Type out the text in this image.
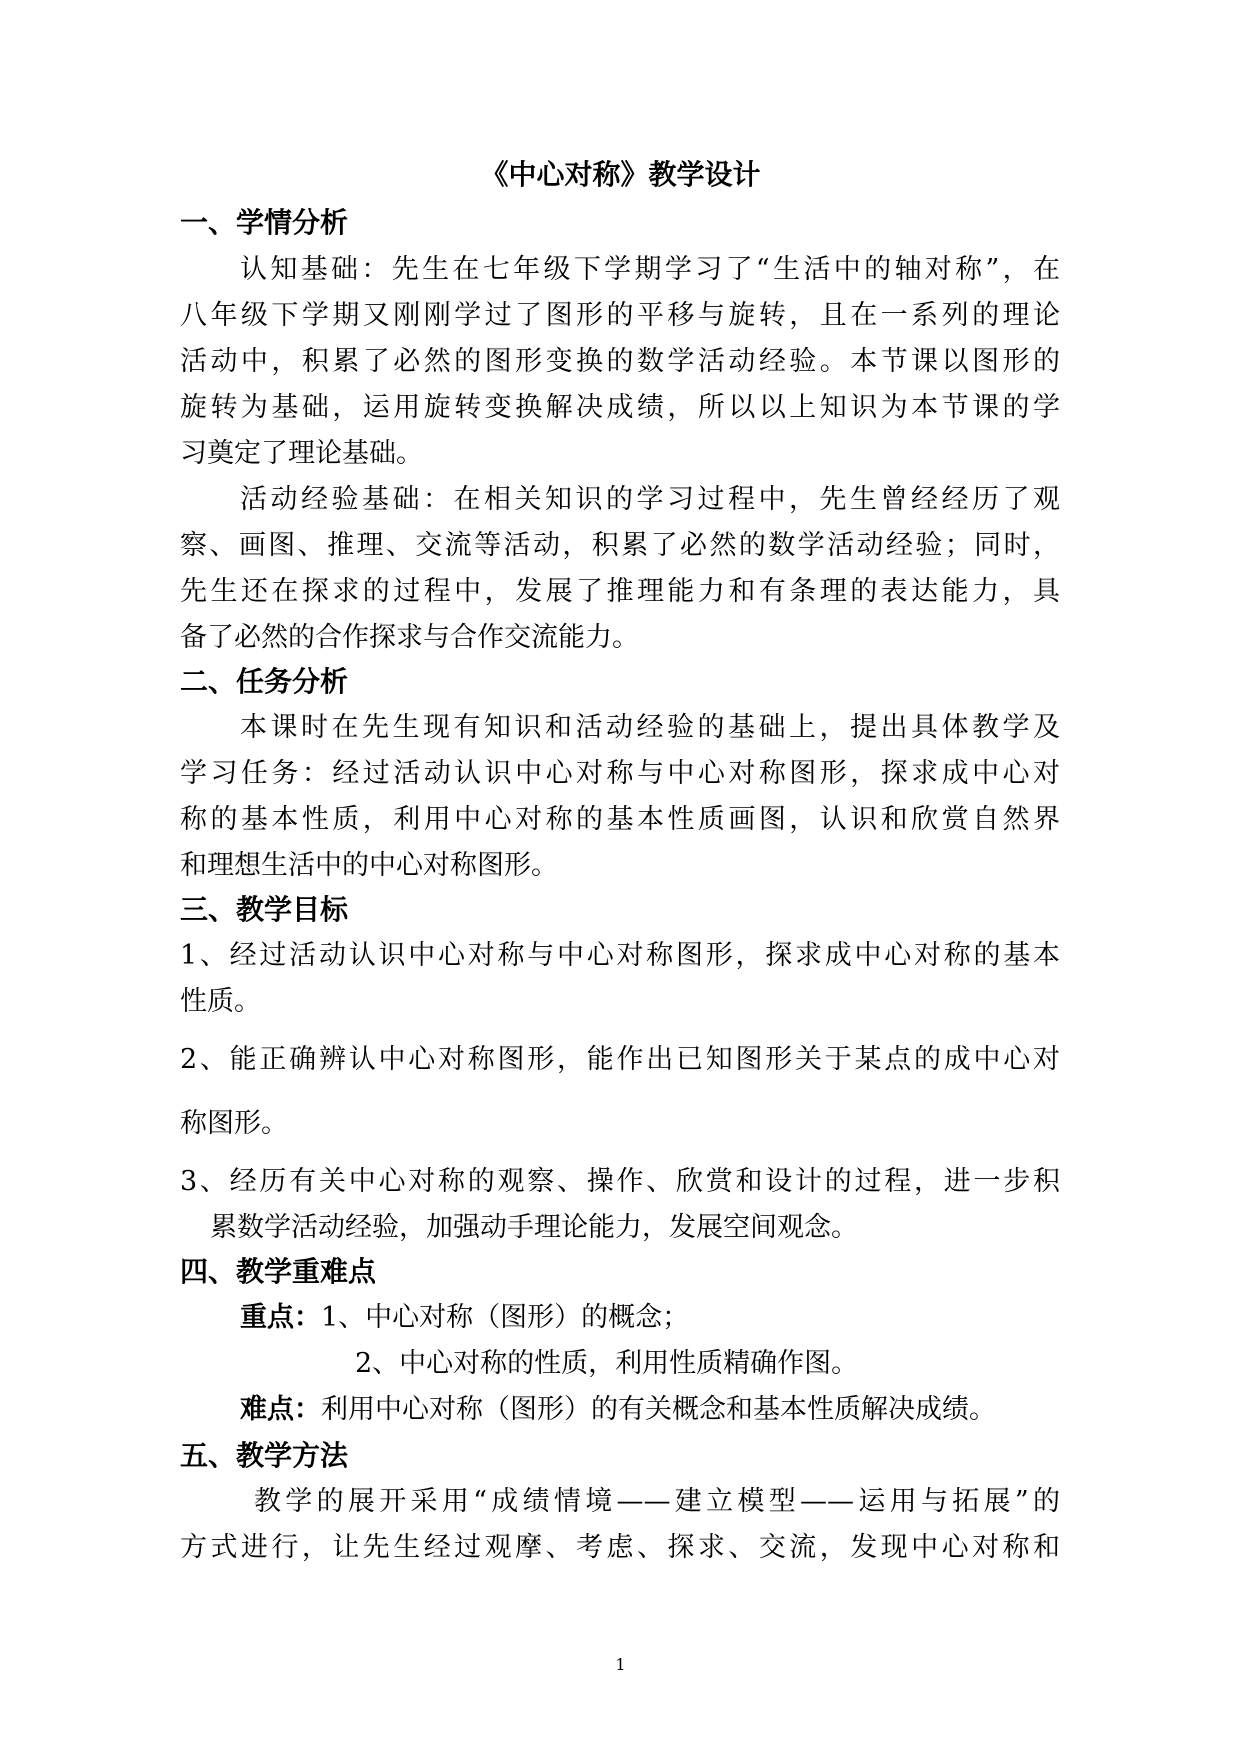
《中心对称》教学设计
一、学情分析
认知基础：先生在七年级下学期学习了“生活中的轴对称”，在
八年级下学期又刚刚学过了图形的平移与旋转，且在一系列的理论
活动中，积累了必然的图形变换的数学活动经验。本节课以图形的
旋转为基础，运用旋转变换解决成绩，所以以上知识为本节课的学
习奠定了理论基础。
活动经验基础：在相关知识的学习过程中，先生曾经经历了观
察、画图、推理、交流等活动，积累了必然的数学活动经验；同时，
先生还在探求的过程中，发展了推理能力和有条理的表达能力，具
备了必然的合作探求与合作交流能力。
二、任务分析
本课时在先生现有知识和活动经验的基础上，提出具体教学及
学习任务：经过活动认识中心对称与中心对称图形，探求成中心对
称的基本性质，利用中心对称的基本性质画图，认识和欣赏自然界
和理想生活中的中心对称图形。
三、教学目标
1、经过活动认识中心对称与中心对称图形，探求成中心对称的基本
性质。
2、能正确辨认中心对称图形，能作出已知图形关于某点的成中心对
称图形。
3、经历有关中心对称的观察、操作、欣赏和设计的过程，进一步积
累数学活动经验，加强动手理论能力，发展空间观念。
四、教学重难点
重点：1、中心对称（图形）的概念；
2、中心对称的性质，利用性质精确作图。
难点：利用中心对称（图形）的有关概念和基本性质解决成绩。
五、教学方法
教学的展开采用“成绩情境——建立模型——运用与拓展”的
方式进行，让先生经过观摩、考虑、探求、交流，发现中心对称和
1
